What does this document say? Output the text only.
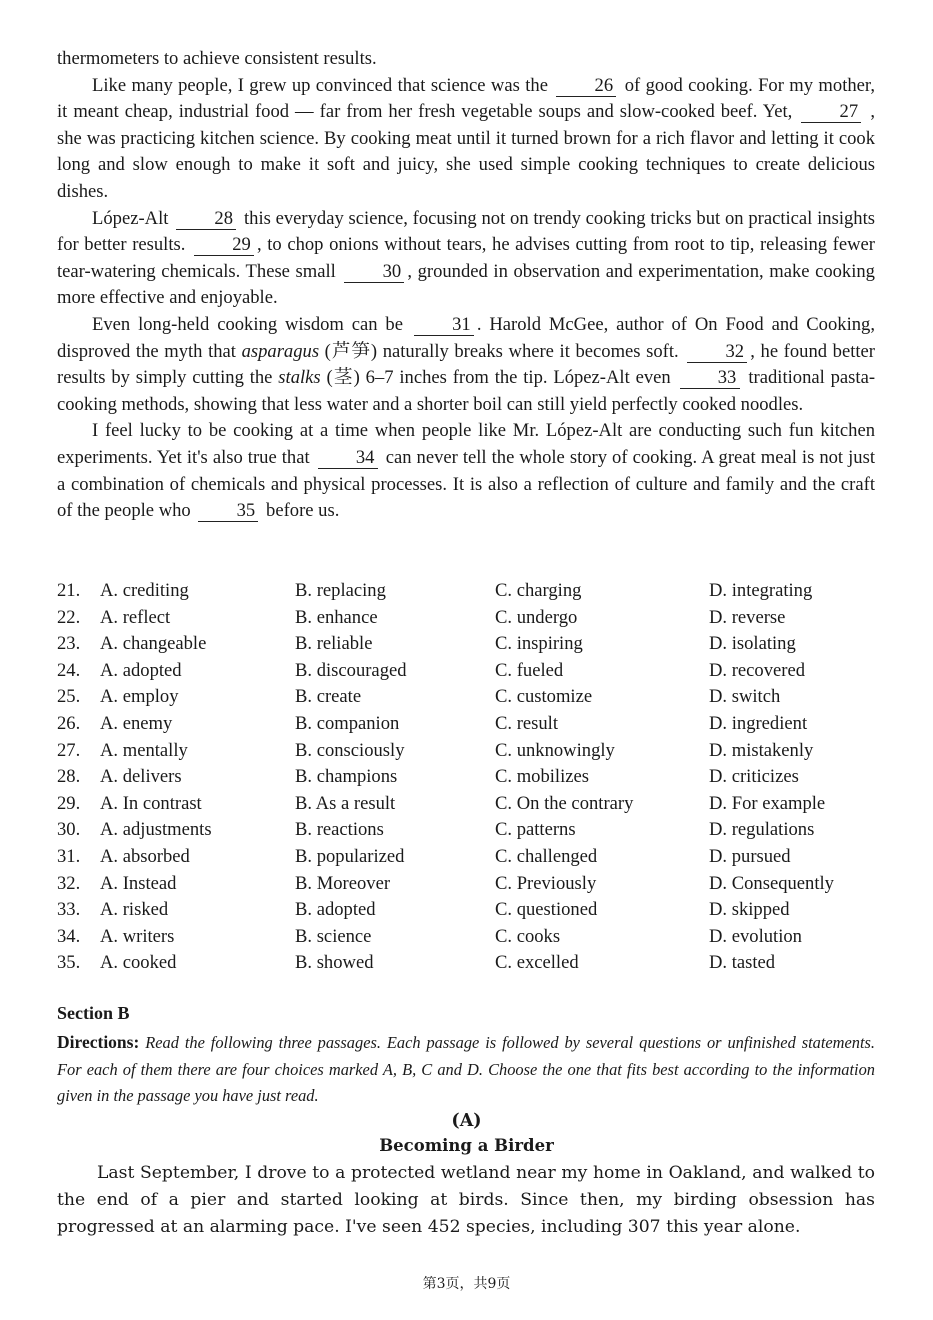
thermometers to achieve consistent results.

Like many people, I grew up convinced that science was the	26 of good cooking. For my mother, it meant cheap, industrial food — far from her fresh vegetable soups and slow-cooked beef. Yet,	27 , she was practicing kitchen science. By cooking meat until it turned brown for a rich flavor and letting it cook long and slow enough to make it soft and juicy, she used simple cooking techniques to create delicious dishes.

López-Alt 28 this everyday science, focusing not on trendy cooking tricks but on practical insights for better results.	29 , to chop onions without tears, he advises cutting from root to tip, releasing fewer tear-watering chemicals. These small	30 , grounded in observation and experimentation, make cooking more effective and enjoyable.

Even long-held cooking wisdom can be	31 . Harold McGee, author of On Food and Cooking, disproved the myth that asparagus (芦笋) naturally breaks where it becomes soft.	32 , he found better results by simply cutting the stalks (茎) 6–7 inches from the tip. López-Alt even	33 traditional pasta-cooking methods, showing that less water and a shorter boil can still yield perfectly cooked noodles.

I feel lucky to be cooking at a time when people like Mr. López-Alt are conducting such fun kitchen experiments. Yet it's also true that 34 can never tell the whole story of cooking. A great meal is not just a combination of chemicals and physical processes. It is also a reflection of culture and family and the craft of the people who 35 before us.

21. A. crediting	B. replacing	C. charging	D. integrating
22. A. reflect	B. enhance	C. undergo	D. reverse
23. A. changeable	B. reliable	C. inspiring	D. isolating
24. A. adopted	B. discouraged	C. fueled	D. recovered
25. A. employ	B. create	C. customize	D. switch
26. A. enemy	B. companion	C. result	D. ingredient
27. A. mentally	B. consciously	C. unknowingly	D. mistakenly
28. A. delivers	B. champions	C. mobilizes	D. criticizes
29. A. In contrast	B. As a result	C. On the contrary	D. For example
30. A. adjustments	B. reactions	C. patterns	D. regulations
31. A. absorbed	B. popularized	C. challenged	D. pursued
32. A. Instead	B. Moreover	C. Previously	D. Consequently
33. A. risked	B. adopted	C. questioned	D. skipped
34. A. writers	B. science	C. cooks	D. evolution
35. A. cooked	B. showed	C. excelled	D. tasted
Section B
Directions: Read the following three passages. Each passage is followed by several questions or unfinished statements. For each of them there are four choices marked A, B, C and D. Choose the one that fits best according to the information given in the passage you have just read.
(A)
Becoming a Birder

Last September, I drove to a protected wetland near my home in Oakland, and walked to the end of a pier and started looking at birds. Since then, my birding obsession has progressed at an alarming pace. I've seen 452 species, including 307 this year alone.

第3页，共9页
